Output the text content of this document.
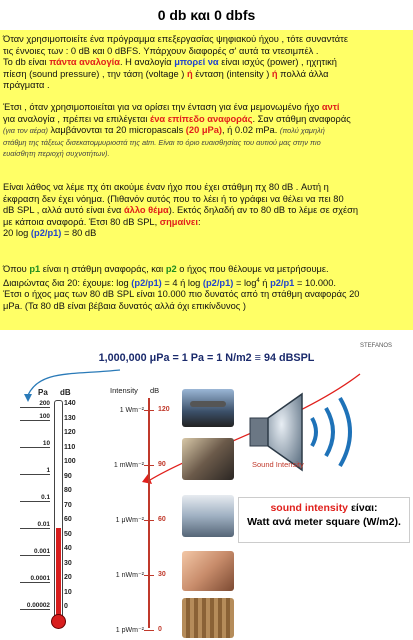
0 db και 0 dbfs

Όταν χρησιμοποιείτε ένα πρόγραμμα επεξεργασίας ψηφιακού ήχου , τότε συναντάτε

τις έννοιες των : 0 dB και 0 dBFS. Υπάρχουν διαφορές σ' αυτά τα ντεσιμπέλ .

To db είναι πάντα αναλογία. Η αναλογία μπορεί να είναι ισχύς (power) , ηχητική

πίεση (sound pressure) , την τάση (voltage ) ή ένταση (intensity ) ή πολλά άλλα

πράγματα .

Έτσι , όταν χρησιμοποιείται για να ορίσει την ένταση για ένα μεμονωμένο ήχο αντί

για αναλογία , πρέπει να επιλέγεται ένα επίπεδο αναφοράς. Σαν στάθμη αναφοράς

(για τον αέρα) λαμβάνονται τα 20 micropascals (20 μPa), ή 0.02 mPa. (πολύ χαμηλή

στάθμη της τάξεως δισεκατομμυριοστά της atm. Είναι το όριο ευαισθησίας του αυτιού μας στην πιο

ευαίσθητη περιοχή συχνοτήτων).

Είναι λάθος να λέμε πχ ότι ακούμε έναν ήχο που έχει στάθμη πχ 80 dB . Αυτή η

έκφραση δεν έχει νόημα. (Πιθανόν αυτός που το λέει ή το γράφει να θέλει να πει 80

dB SPL , αλλά αυτό είναι ένα άλλο θέμα). Εκτός δηλαδή αν το 80 dB το λέμε σε σχέση

με κάποια αναφορά. Έτσι 80 dB SPL, σημαίνει:

20 log (p2/p1) = 80 dB

Όπου p1 είναι η στάθμη αναφοράς, και p2 ο ήχος που θέλουμε να μετρήσουμε.

Διαιρώντας δια 20: έχουμε: log (p2/p1) = 4 ή $\log (p2/p1) = \log^4 ή$ p2/p1 = 10.000.

Έτσι ο ήχος μας των 80 dB SPL είναι 10.000 πιο δυνατός από τη στάθμη αναφοράς 20

μPa. (Τα 80 dB είναι βέβαια δυνατός αλλά όχι επικίνδυνος )

STEFANOS
1,000,000 μPa = 1 Pa = 1 N/m2 ≡ 94 dBSPL
Pa dB
200
100
10
1
0.1
0.01
0.001
0.0001
0.00002
140
130
120
110
100
90
80
70
60
50
40
30
20
10
0
Intensity dB
1 Wm⁻² 120
1 mWm⁻² 90
1 μWm⁻² 60
1 nWm⁻² 30
1 pWm⁻² 0
Sound Intensity
sound intensity είναι:
Watt ανά meter square (W/m2).
